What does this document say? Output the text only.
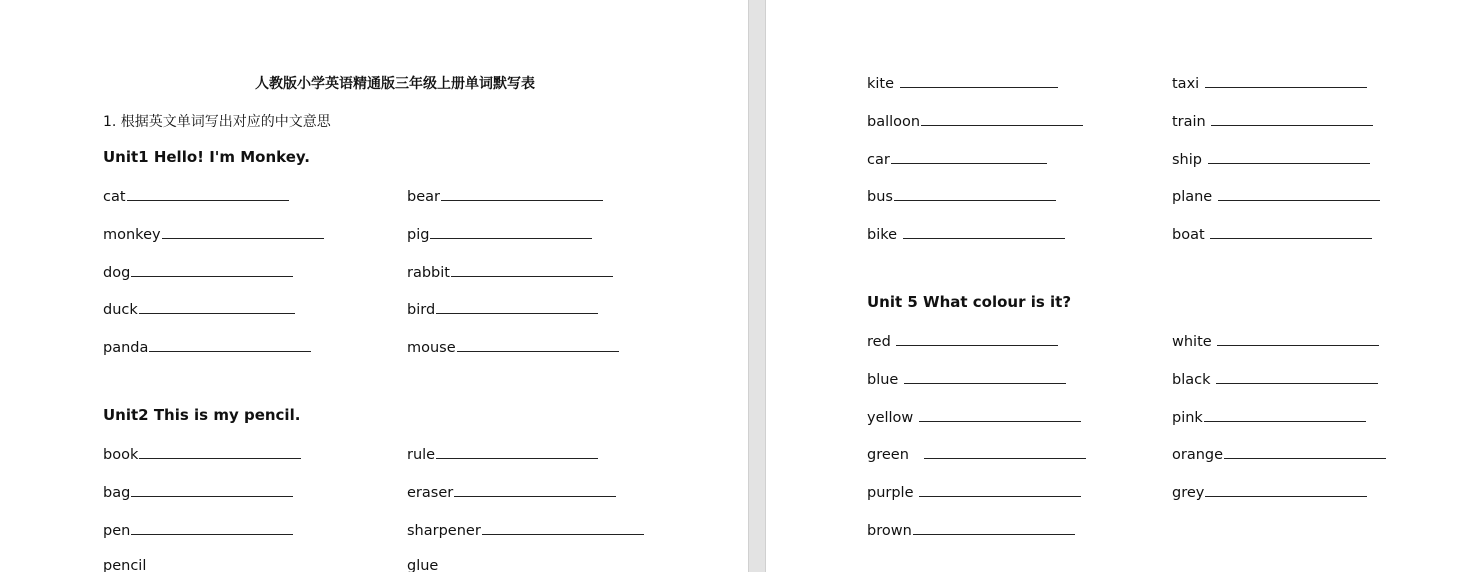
人教版小学英语精通版三年级上册单词默写表
1. 根据英文单词写出对应的中文意思
Unit1 Hello! I'm Monkey.
cat
monkey
dog
duck
panda
bear
pig
rabbit
bird
mouse
Unit2 This is my pencil.
book
bag
pen
pencil
rule
eraser
sharpener
glue
kite
balloon
car
bus
bike
taxi
train
ship
plane
boat
Unit 5 What colour is it?
red
blue
yellow
green
purple
brown
white
black
pink
orange
grey
